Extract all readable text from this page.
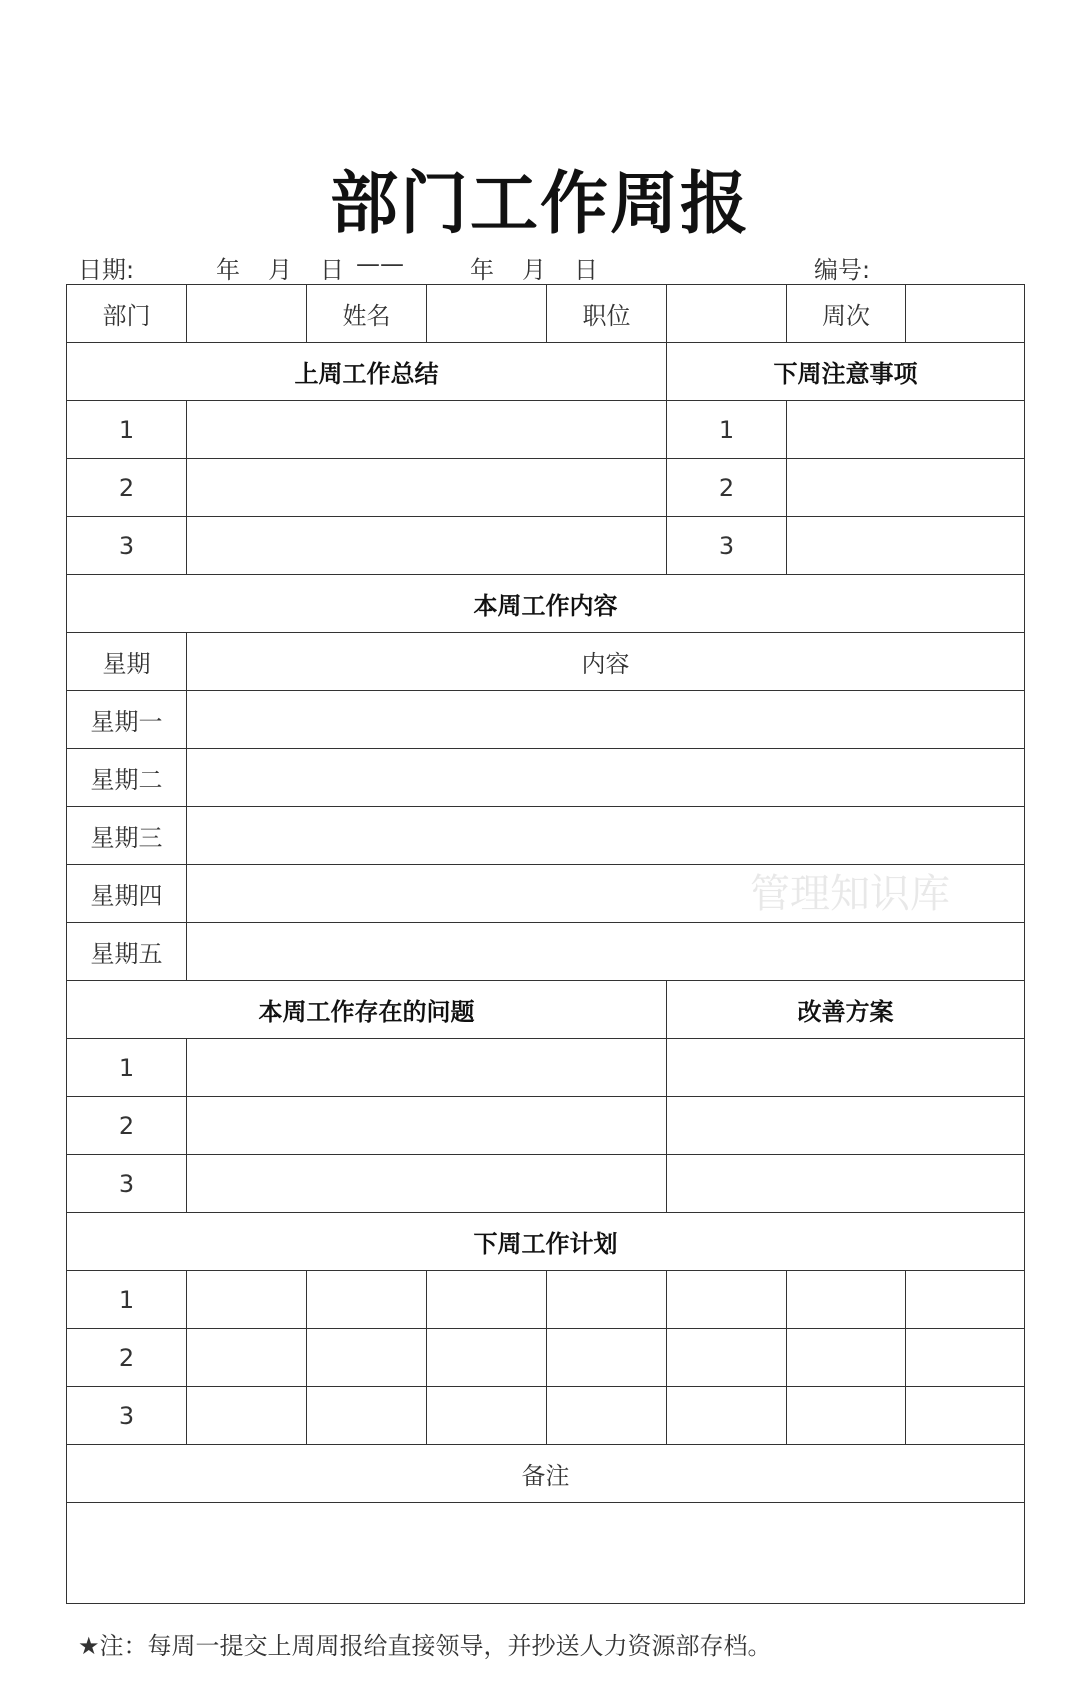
部门工作周报
日期:	年 月 日 ——	年 月 日	编号:
部门		姓名		职位		周次	
上周工作总结					下周注意事项		
1					1		
2					2		
3					3		
本周工作内容							
星期	内容						
星期一							
星期二							
星期三							
星期四							
星期五							
本周工作存在的问题					改善方案		
1							
2							
3							
下周工作计划							
1							
2							
3							
备注							

管理知识库
★注：每周一提交上周周报给直接领导，并抄送人力资源部存档。
